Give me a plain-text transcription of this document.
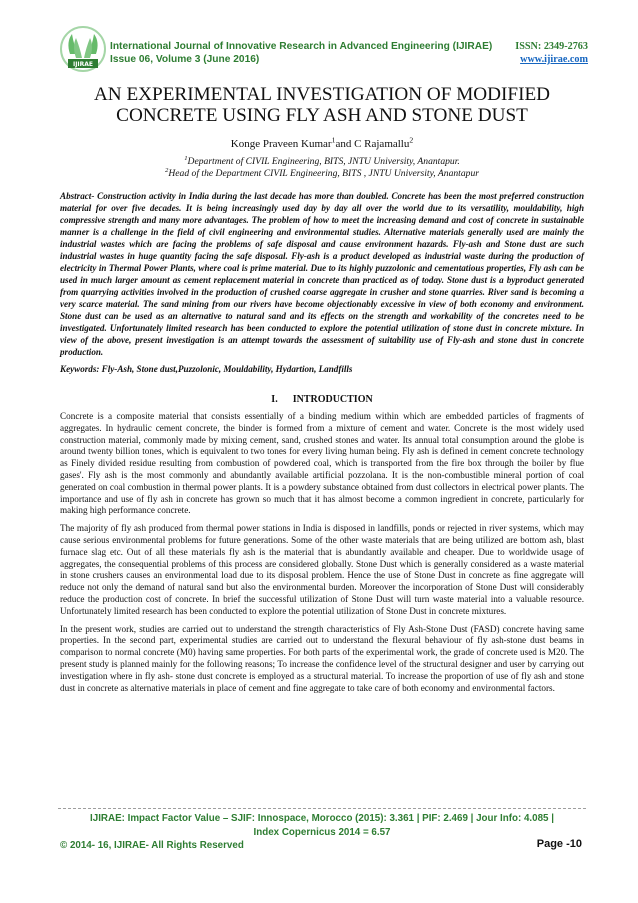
IJIRAE
International Journal of Innovative Research in Advanced Engineering (IJIRAE)
Issue 06, Volume 3 (June 2016)
ISSN: 2349-2763
www.ijirae.com
AN EXPERIMENTAL INVESTIGATION OF MODIFIED
CONCRETE USING FLY ASH AND STONE DUST
Konge Praveen Kumar$^1$and C Rajamallu$^2$
$^1$Department of CIVIL Engineering, BITS, JNTU University, Anantapur.
$^2$Head of the Department CIVIL Engineering, BITS , JNTU University, Anantapur
Abstract- Construction activity in India during the last decade has more than doubled. Concrete has been the most preferred construction material for over five decades. It is being increasingly used day by day all over the world due to its versatility, mouldability, high compressive strength and many more advantages. The problem of how to meet the increasing demand and cost of concrete in sustainable manner is a challenge in the field of civil engineering and environmental studies. Alternative materials generally used are mainly the industrial wastes which are facing the problems of safe disposal and cause environment hazards. Fly-ash and Stone dust are such industrial wastes in huge quantity facing the safe disposal. Fly-ash is a product developed as industrial waste during the production of electricity in Thermal Power Plants, where coal is prime material. Due to its highly puzzolonic and cementatious properties, Fly ash can be used in much larger amount as cement replacement material in concrete than practiced as of today. Stone dust is a byproduct generated from quarrying activities involved in the production of crushed coarse aggregate in crusher and stone quarries. River sand is becoming a very scarce material. The sand mining from our rivers have become objectionably excessive in view of both economy and environment. Stone dust can be used as an alternative to natural sand and its effects on the strength and workability of the concretes need to be investigated. Unfortunately limited research has been conducted to explore the potential utilization of stone dust in concrete mixture. In view of the above, present investigation is an attempt towards the assessment of suitability use of Fly-ash and stone dust in concrete production.
Keywords: Fly-Ash, Stone dust,Puzzolonic, Mouldability, Hydartion, Landfills
I.      INTRODUCTION
Concrete is a composite material that consists essentially of a binding medium within which are embedded particles of fragments of aggregates. In hydraulic cement concrete, the binder is formed from a mixture of cement and water. Concrete is the most widely used construction material, commonly made by mixing cement, sand, crushed stones and water. Its annual total consumption around the globe is around twenty billion tones, which is equivalent to two tones for every living human being. Fly ash is defined in cement concrete technology as Finely divided residue resulting from combustion of powdered coal, which is transported from the fire box through the boiler by flue gases'. Fly ash is the most commonly and abundantly available artificial pozzolana. It is the non-combustible mineral portion of coal generated on coal combustion in thermal power plants. It is a powdery substance obtained from dust collectors in electrical power plants. The importance and use of fly ash in concrete has grown so much that it has almost become a common ingredient in concrete, particularly for making high performance concrete.
The majority of fly ash produced from thermal power stations in India is disposed in landfills, ponds or rejected in river systems, which may cause serious environmental problems for future generations. Some of the other waste materials that are being utilized are bottom ash, blast furnace slag etc. Out of all these materials fly ash is the material that is abundantly available and cheaper. Due to worldwide usage of aggregates, the consequential problems of this process are considered globally. Stone Dust which is generally considered as a waste material in stone crushers causes an environmental load due to its disposal problem. Hence the use of Stone Dust in concrete as fine aggregate will reduce not only the demand of natural sand but also the environmental burden. Moreover the incorporation of Stone Dust will considerably reduce the production cost of concrete. In brief the successful utilization of Stone Dust will turn waste material into a valuable resource. Unfortunately limited research has been conducted to explore the potential utilization of Stone Dust in concrete mixtures.
In the present work, studies are carried out to understand the strength characteristics of Fly Ash-Stone Dust (FASD) concrete having same properties. In the second part, experimental studies are carried out to understand the flexural behaviour of fly ash-stone dust beams in comparison to normal concrete (M0) having same properties. For both parts of the experimental work, the grade of concrete used is M20. The present study is planned mainly for the following reasons; To increase the confidence level of the structural designer and user by carrying out investigation where in fly ash- stone dust concrete is employed as a structural material. To increase the proportion of use of fly ash and stone dust in concrete as alternative materials in place of cement and fine aggregate to take care of both economy and environmental factors.
IJIRAE: Impact Factor Value – SJIF: Innospace, Morocco (2015): 3.361 | PIF: 2.469 | Jour Info: 4.085 |
Index Copernicus 2014 = 6.57
© 2014- 16, IJIRAE- All Rights Reserved	Page -10
